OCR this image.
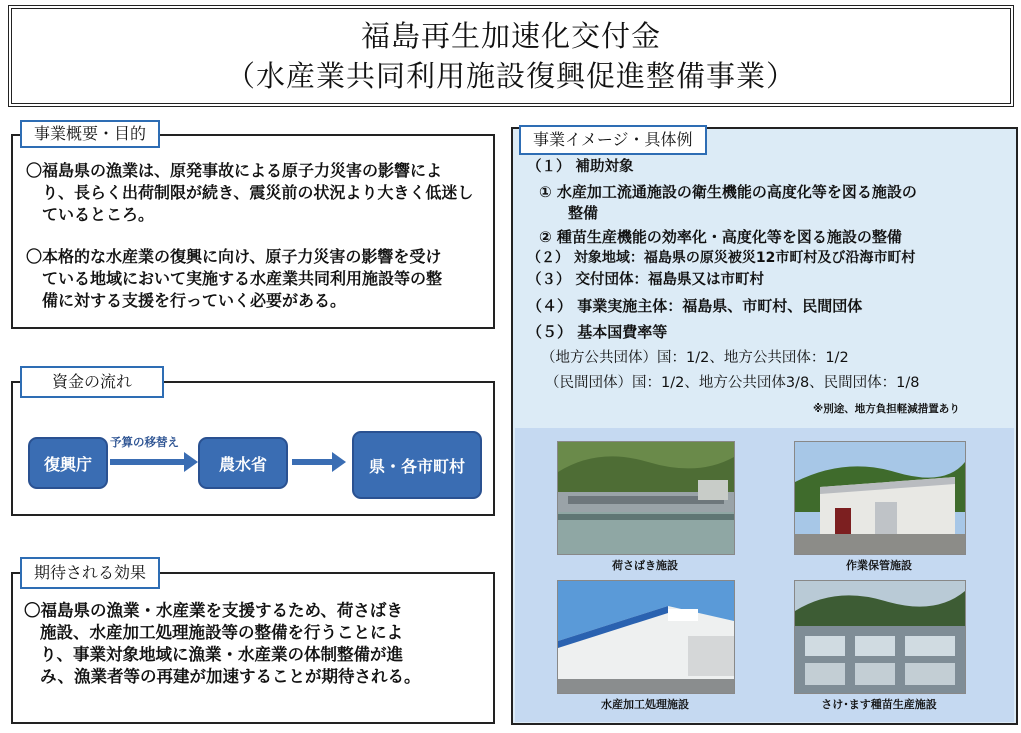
福島再生加速化交付金
（水産業共同利用施設復興促進整備事業）
〇福島県の漁業は、原発事故による原子力災害の影響によ
り、長らく出荷制限が続き、震災前の状況より大きく低迷し
ているところ。
〇本格的な水産業の復興に向け、原子力災害の影響を受け
ている地域において実施する水産業共同利用施設等の整
備に対する支援を行っていく必要がある。
事業概要・目的
資金の流れ
復興庁
予算の移替え
農水省	県・各市町村
〇福島県の漁業・水産業を支援するため、荷さばき
施設、水産加工処理施設等の整備を行うことによ
り、事業対象地域に漁業・水産業の体制整備が進
み、漁業者等の再建が加速することが期待される。
期待される効果
（１） 補助対象
① 水産加工流通施設の衛生機能の高度化等を図る施設の
整備
② 種苗生産機能の効率化・高度化等を図る施設の整備
（２） 対象地域：福島県の原災被災12市町村及び沿海市町村
（３） 交付団体：福島県又は市町村
（４） 事業実施主体：福島県、市町村、民間団体
（５） 基本国費率等
（地方公共団体）国：1/2、地方公共団体：1/2
（民間団体）国：1/2、地方公共団体3/8、民間団体：1/8
※別途、地方負担軽減措置あり
事業イメージ・具体例
荷さばき施設	作業保管施設
水産加工処理施設	さけ･ます種苗生産施設
